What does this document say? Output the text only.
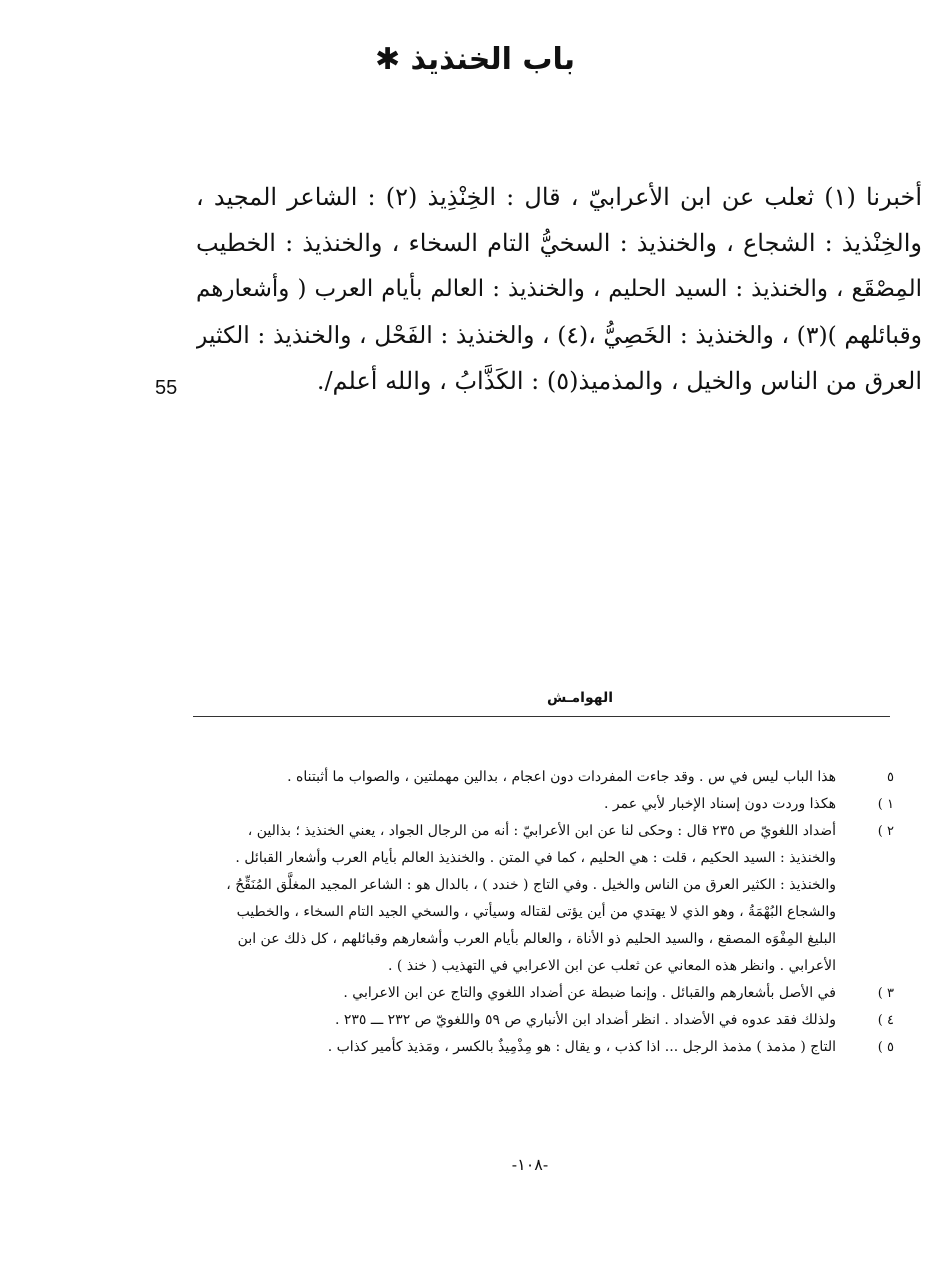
باب الخنذيذ ✱
55
أخبرنا (١) ثعلب عن ابن الأعرابيّ ، قال : الخِنْذِيذ (٢) : الشاعر المجيد ،
والخِنْذيذ : الشجاع ، والخنذيذ : السخيُّ التام السخاء ، والخنذيذ : الخطيب
المِصْقَع ، والخنذيذ : السيد الحليم ، والخنذيذ : العالم بأيام العرب ( وأشعارهم
وقبائلهم )(٣) ، والخنذيذ : الخَصِيُّ ،(٤) ، والخنذيذ : الفَحْل ، والخنذيذ : الكثير
العرق من الناس والخيل ، والمذميذ(٥) : الكَذَّابُ ، والله أعلم/.
الهوامـش
٥
هذا الباب ليس في س . وقد جاءت المفردات دون اعجام ، بدالين مهملتين ، والصواب ما أثبتناه .
١ )
هكذا وردت دون إسناد الإخبار لأبي عمر .
٢ )
أضداد اللغويّ ص ٢٣٥ قال : وحكى لنا عن ابن الأعرابيّ : أنه من الرجال الجواد ، يعني الخنذيذ ؛ بذالين ،
والخنذيذ : السيد الحكيم ، قلت : هي الحليم ، كما في المتن . والخنذيذ العالم بأيام العرب وأشعار القبائل .
والخنذيذ : الكثير العرق من الناس والخيل . وفي التاج ( خندد ) ، بالدال هو : الشاعر المجيد المغلَّق المُنَقِّحُ ،
والشجاع البُهْمَةُ ، وهو الذي لا يهتدي من أين يؤتى لقتاله وسيأتي ، والسخي الجيد التام السخاء ، والخطيب
البليغ المِفْوَه المصقع ، والسيد الحليم ذو الأناة ، والعالم بأيام العرب وأشعارهم وقبائلهم ، كل ذلك عن ابن
الأعرابي . وانظر هذه المعاني عن ثعلب عن ابن الاعرابي في التهذيب ( خنذ ) .
٣ )
في الأصل بأشعارهم والقبائل . وإنما ضبطة عن أضداد اللغوي والتاج عن ابن الاعرابي .
٤ )
ولذلك فقد عدوه في الأضداد . انظر أضداد ابن الأنباري ص ٥٩ واللغويّ ص ٢٣٢ ـــ ٢٣٥ .
٥ )
التاج ( مذمذ ) مذمذ الرجل ... اذا كذب ، و يقال : هو مِذْمِيذٌ بالكسر ، ومَذيذ كأمير كذاب .
-١٠٨-
